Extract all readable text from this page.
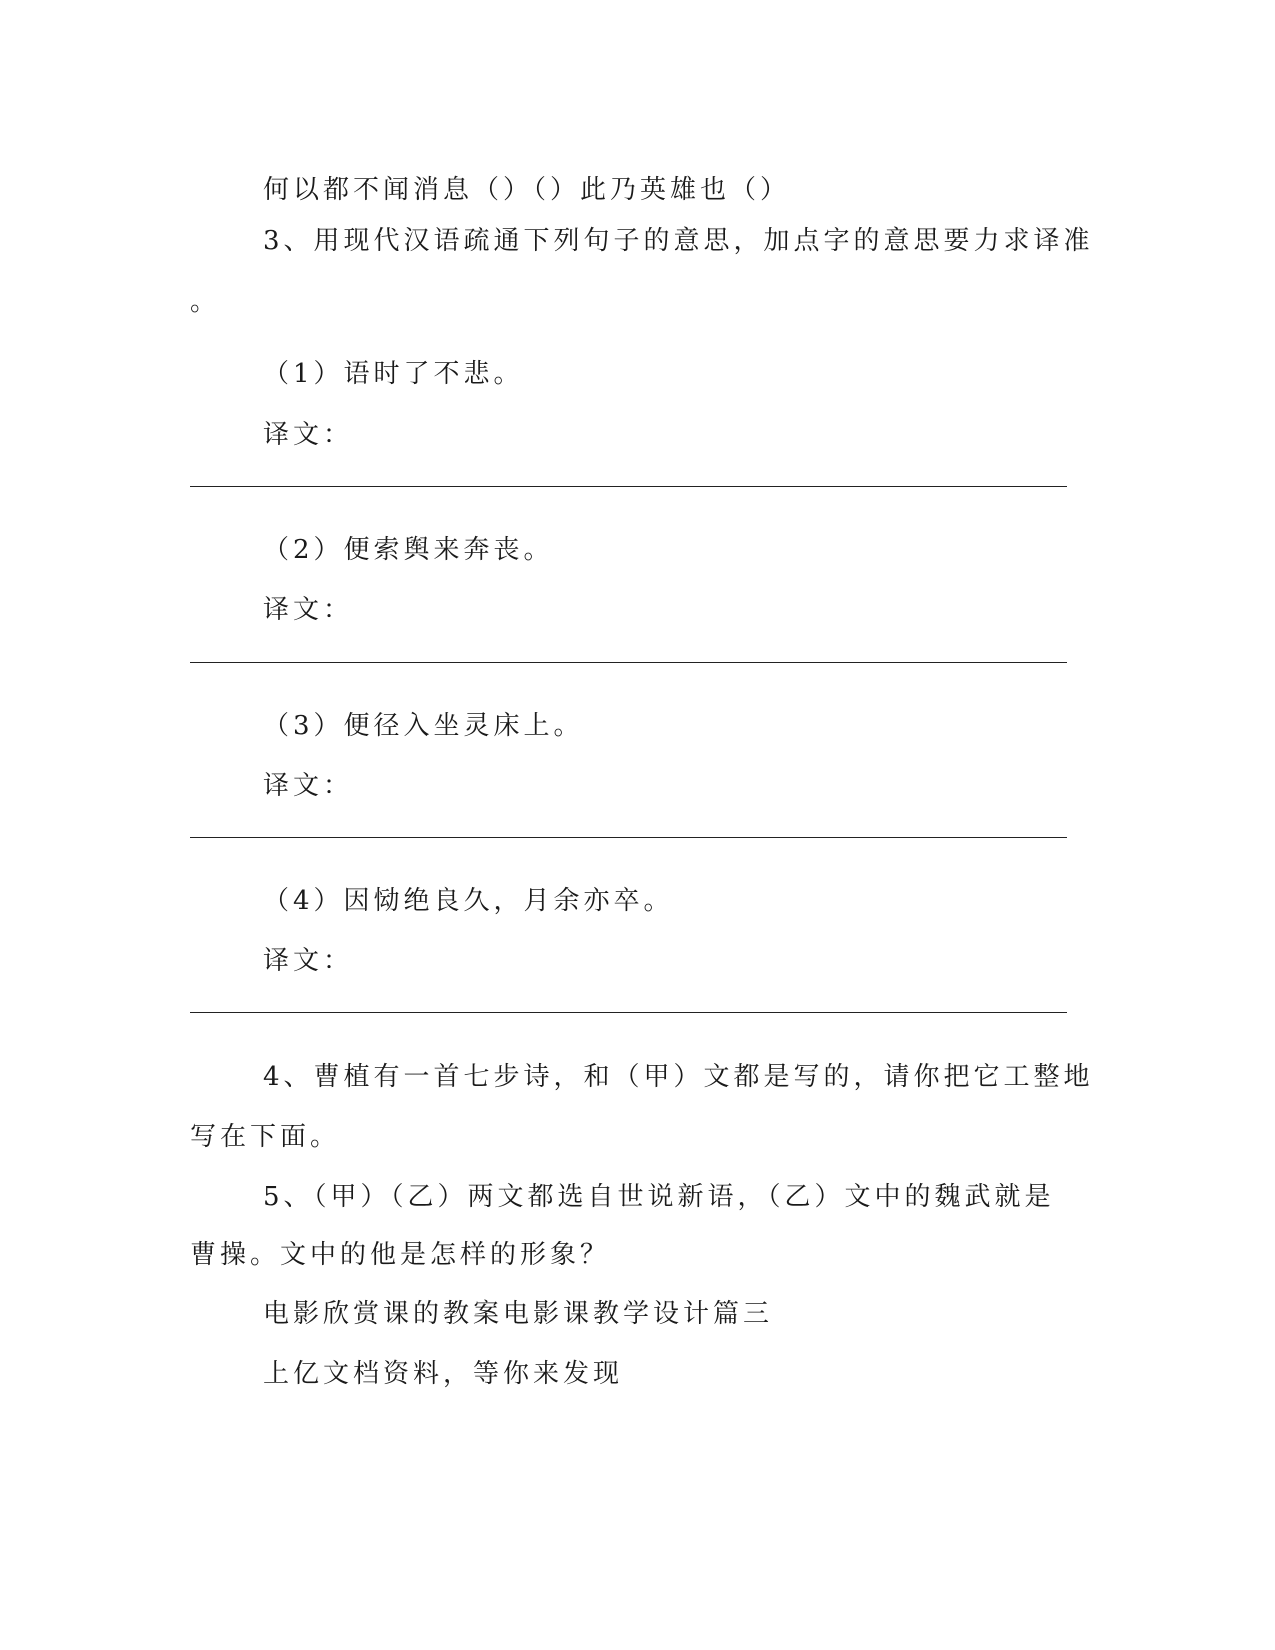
何以都不闻消息（）（）此乃英雄也（）
3、用现代汉语疏通下列句子的意思，加点字的意思要力求译准
。
（1）语时了不悲。
译文：
（2）便索舆来奔丧。
译文：
（3）便径入坐灵床上。
译文：
（4）因恸绝良久，月余亦卒。
译文：
4、曹植有一首七步诗，和（甲）文都是写的，请你把它工整地
写在下面。
5、（甲）（乙）两文都选自世说新语，（乙）文中的魏武就是
曹操。文中的他是怎样的形象？
电影欣赏课的教案电影课教学设计篇三
上亿文档资料，等你来发现
